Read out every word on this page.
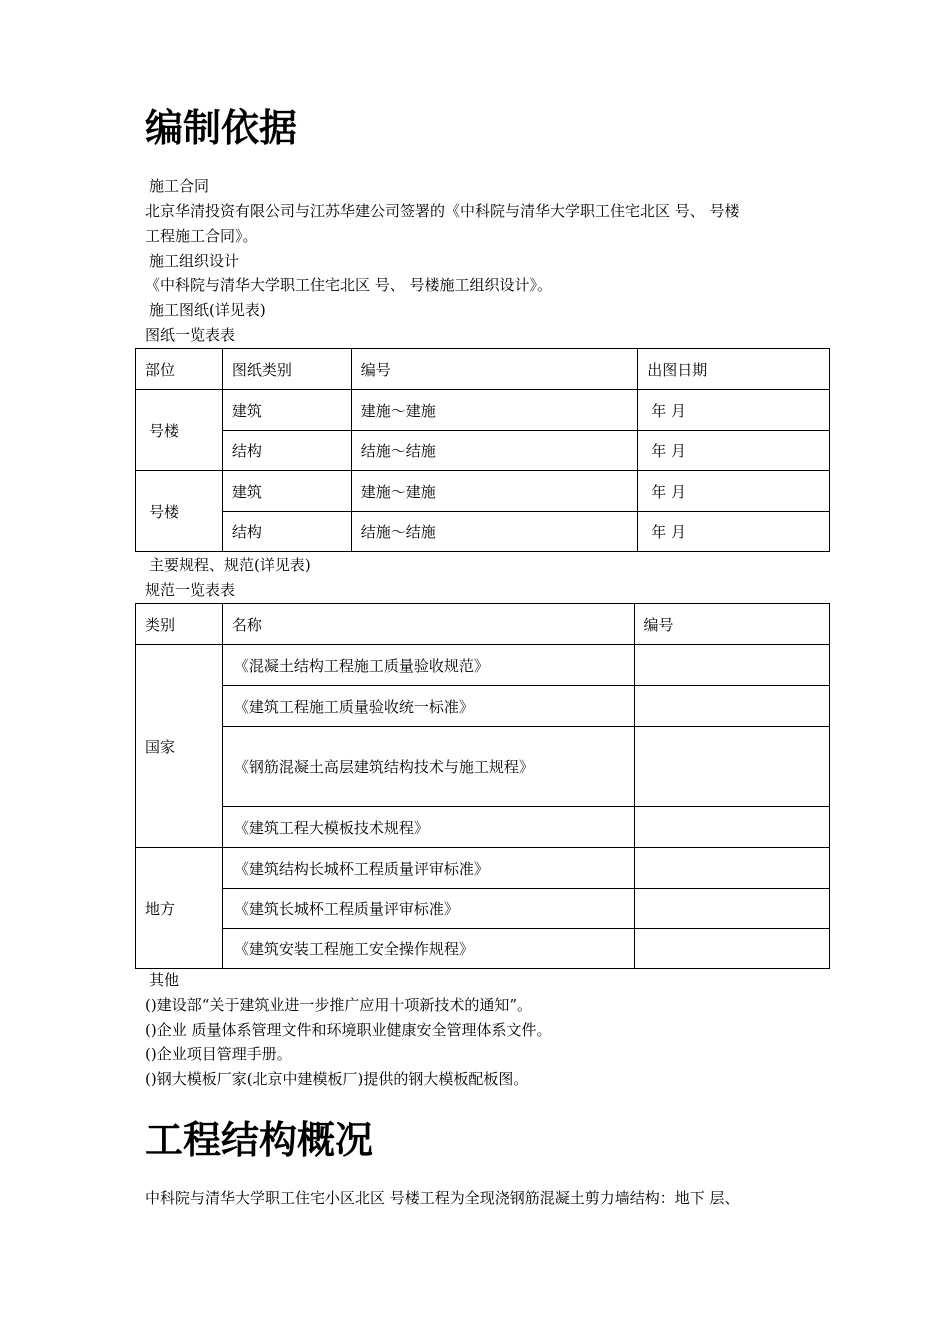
编制依据
施工合同
北京华清投资有限公司与江苏华建公司签署的《中科院与清华大学职工住宅北区 号、 号楼
工程施工合同》。
施工组织设计
《中科院与清华大学职工住宅北区 号、 号楼施工组织设计》。
施工图纸(详见表)
图纸一览表表
部位	图纸类别	编号	出图日期
号楼	建筑	建施～建施	年 月
	结构	结施～结施	年 月
号楼	建筑	建施～建施	年 月
	结构	结施～结施	年 月
主要规程、规范(详见表)
规范一览表表
类别	名称	编号
国家	《混凝土结构工程施工质量验收规范》	
	《建筑工程施工质量验收统一标准》	
	《钢筋混凝土高层建筑结构技术与施工规程》	
	《建筑工程大模板技术规程》	
地方	《建筑结构长城杯工程质量评审标准》	
	《建筑长城杯工程质量评审标准》	
	《建筑安装工程施工安全操作规程》	
其他
()建设部“关于建筑业进一步推广应用十项新技术的通知”。
()企业 质量体系管理文件和环境职业健康安全管理体系文件。
()企业项目管理手册。
()钢大模板厂家(北京中建模板厂)提供的钢大模板配板图。
工程结构概况
中科院与清华大学职工住宅小区北区 号楼工程为全现浇钢筋混凝土剪力墙结构：地下 层、
